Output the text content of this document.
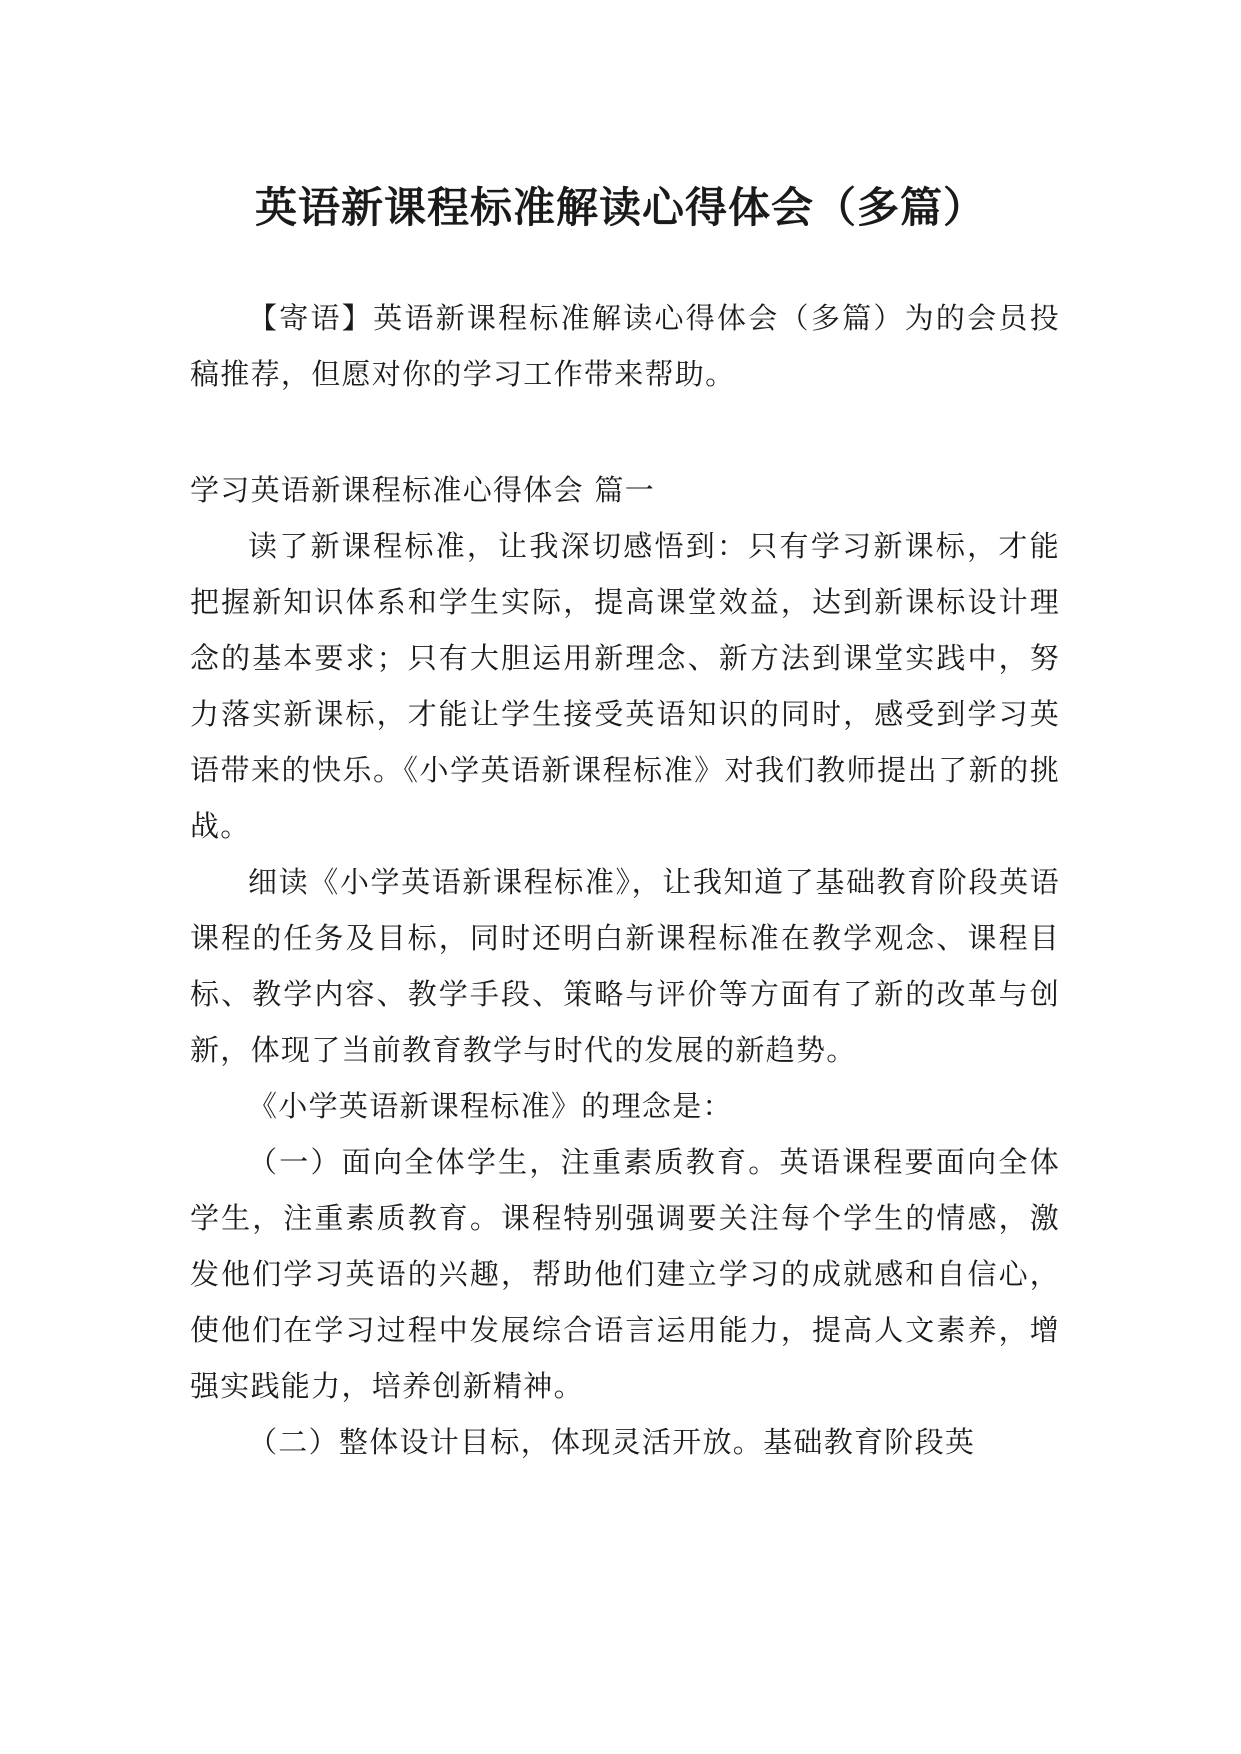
英语新课程标准解读心得体会（多篇）

【寄语】英语新课程标准解读心得体会（多篇）为的会员投稿推荐，但愿对你的学习工作带来帮助。

学习英语新课程标准心得体会 篇一

读了新课程标准，让我深切感悟到：只有学习新课标，才能把握新知识体系和学生实际，提高课堂效益，达到新课标设计理念的基本要求；只有大胆运用新理念、新方法到课堂实践中，努力落实新课标，才能让学生接受英语知识的同时，感受到学习英语带来的快乐。《小学英语新课程标准》对我们教师提出了新的挑战。

细读《小学英语新课程标准》，让我知道了基础教育阶段英语课程的任务及目标，同时还明白新课程标准在教学观念、课程目标、教学内容、教学手段、策略与评价等方面有了新的改革与创新，体现了当前教育教学与时代的发展的新趋势。

《小学英语新课程标准》的理念是：

（一）面向全体学生，注重素质教育。英语课程要面向全体学生，注重素质教育。课程特别强调要关注每个学生的情感，激发他们学习英语的兴趣，帮助他们建立学习的成就感和自信心，使他们在学习过程中发展综合语言运用能力，提高人文素养，增强实践能力，培养创新精神。

（二）整体设计目标，体现灵活开放。基础教育阶段英
